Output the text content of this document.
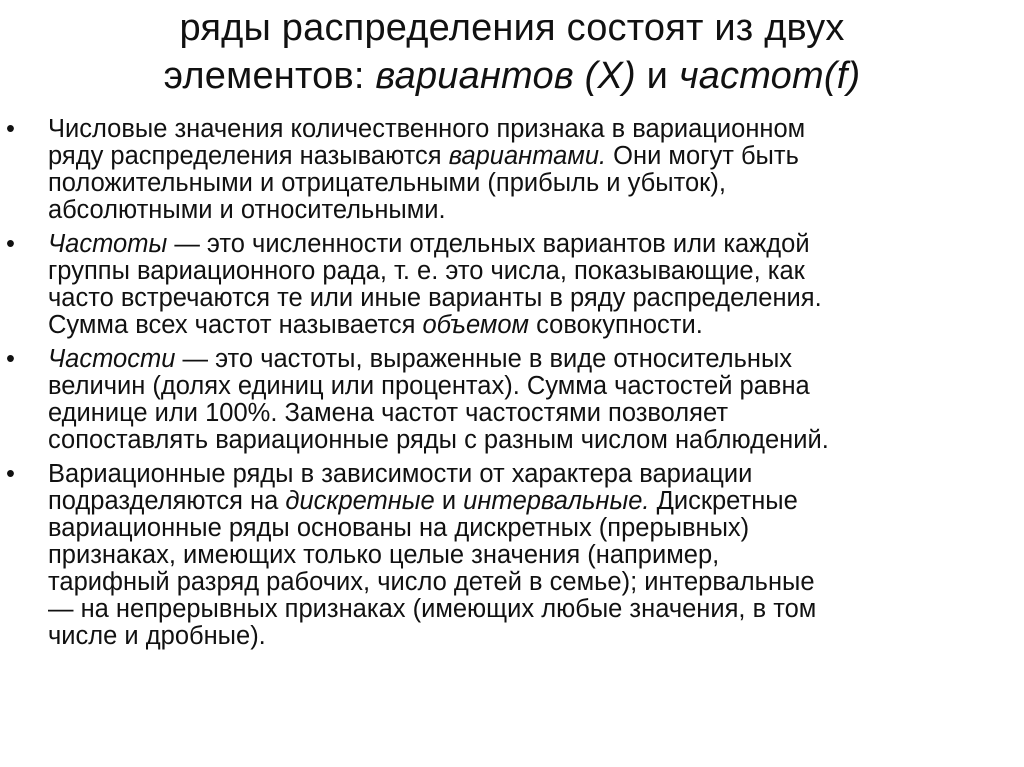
ряды распределения состоят из двух
элементов: вариантов (X) и частот(f)
• Числовые значения количественного признака в вариационном
ряду распределения называются вариантами. Они могут быть
положительными и отрицательными (прибыль и убыток),
абсолютными и относительными.
• Частоты — это численности отдельных вариантов или каждой
группы вариационного рада, т. е. это числа, показывающие, как
часто встречаются те или иные варианты в ряду распределения.
Сумма всех частот называется объемом совокупности.
• Частости — это частоты, выраженные в виде относительных
величин (долях единиц или процентах). Сумма частостей равна
единице или 100%. Замена частот частостями позволяет
сопоставлять вариационные ряды с разным числом наблюдений.
• Вариационные ряды в зависимости от характера вариации
подразделяются на дискретные и интервальные. Дискретные
вариационные ряды основаны на дискретных (прерывных)
признаках, имеющих только целые значения (например,
тарифный разряд рабочих, число детей в семье); интервальные
— на непрерывных признаках (имеющих любые значения, в том
числе и дробные).
